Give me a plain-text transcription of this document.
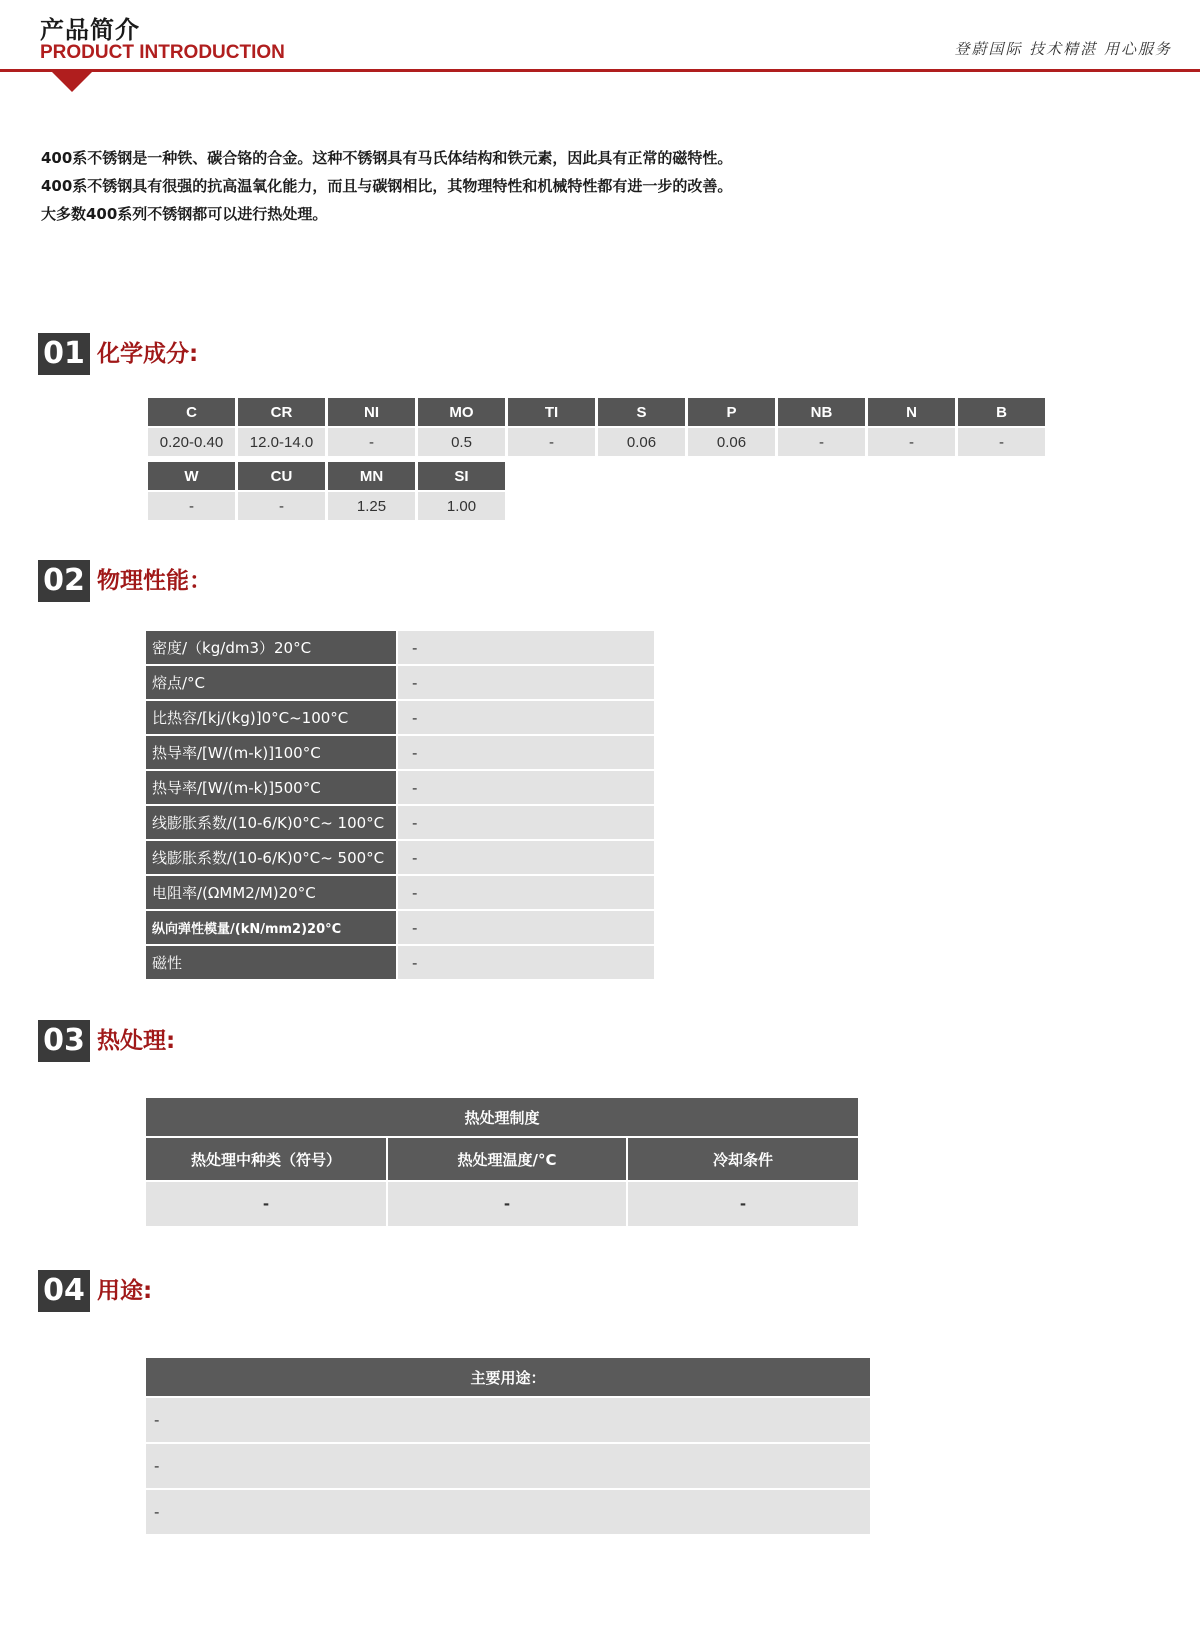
产品简介
PRODUCT INTRODUCTION	登蔚国际 技术精湛 用心服务

400系不锈钢是一种铁、碳合铬的合金。这种不锈钢具有马氏体结构和铁元素，因此具有正常的磁特性。

400系不锈钢具有很强的抗高温氧化能力，而且与碳钢相比，其物理特性和机械特性都有进一步的改善。

大多数400系列不锈钢都可以进行热处理。

01 化学成分:
C	CR	NI	MO	TI	S	P	NB	N	B
0.20-0.40	12.0-14.0	-	0.5	-	0.06	0.06	-	-	-
W	CU	MN	SI
-	-	1.25	1.00
02 物理性能：
密度/（kg/dm3）20°C		-
熔点/°C		-
比热容/[kj/(kg)]0°C~100°C		-
热导率/[W/(m-k)]100°C		-
热导率/[W/(m-k)]500°C		-
线膨胀系数/(10-6/K)0°C~ 100°C		-
线膨胀系数/(10-6/K)0°C~ 500°C		-
电阻率/(ΩMM2/M)20°C		-
纵向弹性模量/(kN/mm2)20°C		-
磁性		-
03 热处理:
热处理制度		
热处理中种类（符号）	热处理温度/°C	冷却条件
-	-	-
04 用途:
主要用途：
-
-
-
